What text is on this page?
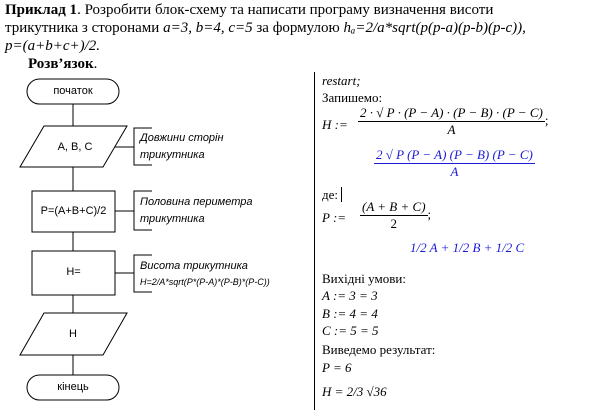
Приклад 1. Розробити блок-схему та написати програму визначення висоти
трикутника з сторонами a=3, b=4, c=5 за формулою hₐ=2/a*sqrt(p(p-a)(p-b)(p-c)),
p=(a+b+c+)/2.
Розв’язок.
початок
A, B, C
P=(A+B+C)/2
H=
H
кінець
Довжини сторін
трикутника
Половина периметра
трикутника
Висота трикутника
H=2/A*sqrt(P*(P-A)*(P-B)*(P-C))
restart;
Запишемо:
H := $\frac{2 \cdot √ P \cdot (P - A) \cdot (P - B) \cdot (P - C)}{A}$ ;
$\frac{2 √ P (P - A) (P - B) (P - C)}{A}$
де:
P := $\frac{(A + B + C)}{2}$ ;
1/2 A + 1/2 B + 1/2 C
Вихідні умови:
A := 3 = 3
B := 4 = 4
C := 5 = 5
Виведемо результат:
P = 6
H = 2/3 √36
